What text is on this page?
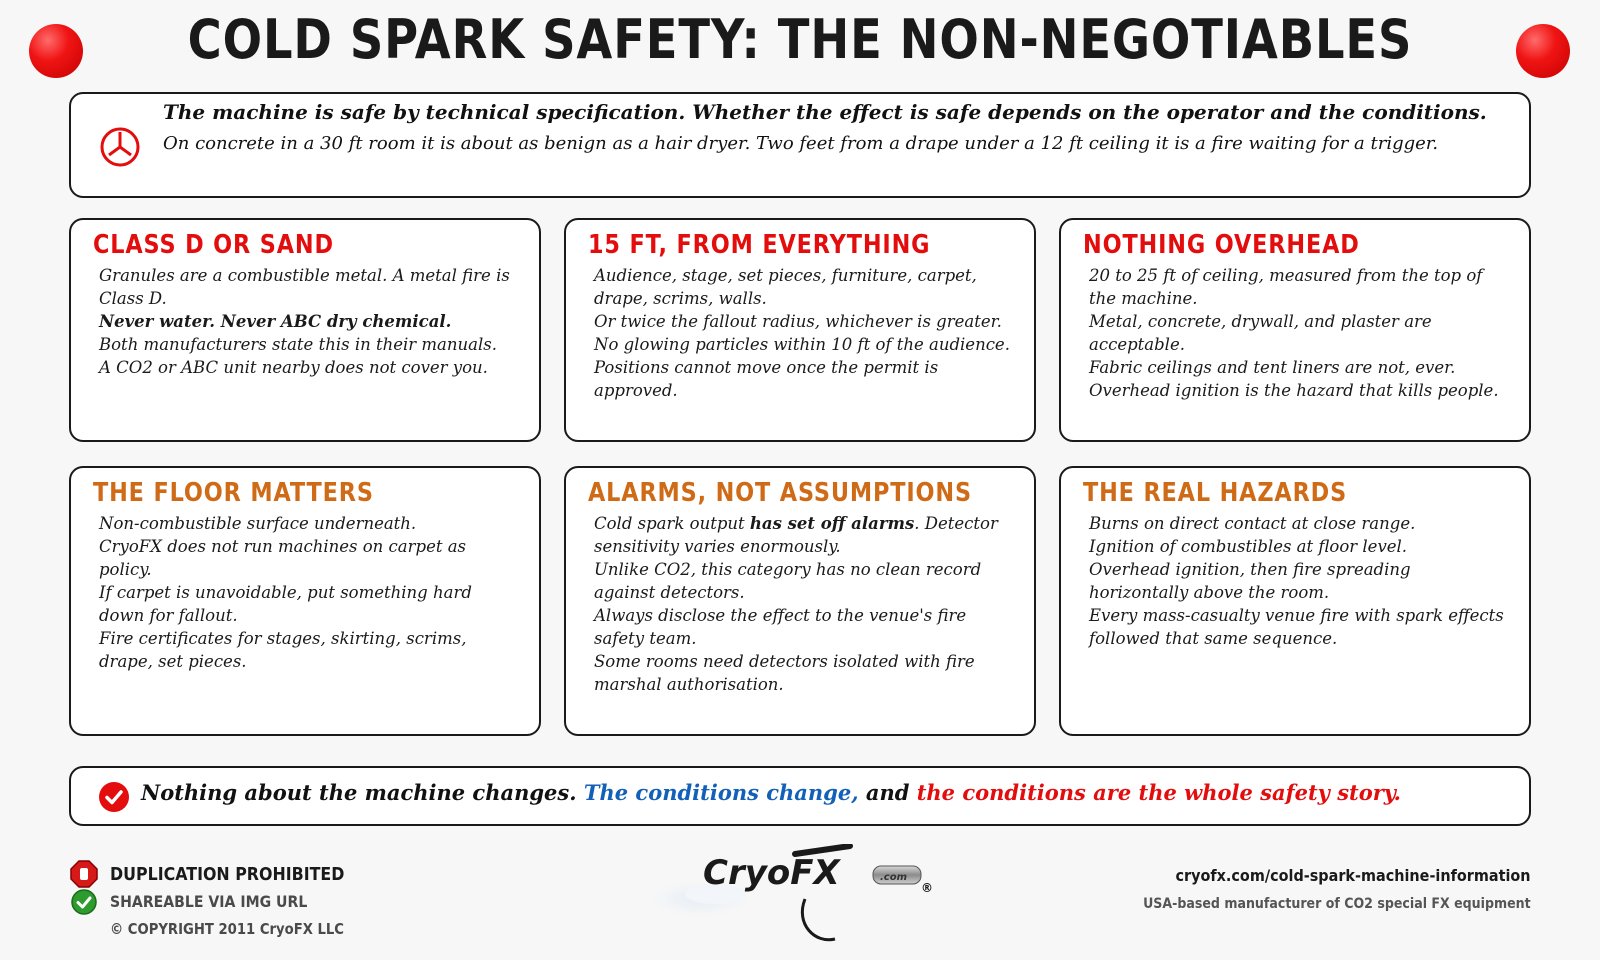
COLD SPARK SAFETY: THE NON-NEGOTIABLES
The machine is safe by technical specification. Whether the effect is safe depends on the operator and the conditions.
On concrete in a 30 ft room it is about as benign as a hair dryer. Two feet from a drape under a 12 ft ceiling it is a fire waiting for a trigger.
CLASS D OR SAND
Granules are a combustible metal. A metal fire is Class D.
Never water. Never ABC dry chemical.
Both manufacturers state this in their manuals.
A CO2 or ABC unit nearby does not cover you.
15 FT, FROM EVERYTHING
Audience, stage, set pieces, furniture, carpet, drape, scrims, walls.
Or twice the fallout radius, whichever is greater.
No glowing particles within 10 ft of the audience.
Positions cannot move once the permit is approved.
NOTHING OVERHEAD
20 to 25 ft of ceiling, measured from the top of the machine.
Metal, concrete, drywall, and plaster are acceptable.
Fabric ceilings and tent liners are not, ever.
Overhead ignition is the hazard that kills people.
THE FLOOR MATTERS
Non-combustible surface underneath.
CryoFX does not run machines on carpet as policy.
If carpet is unavoidable, put something hard down for fallout.
Fire certificates for stages, skirting, scrims, drape, set pieces.
ALARMS, NOT ASSUMPTIONS
Cold spark output has set off alarms. Detector sensitivity varies enormously.
Unlike CO2, this category has no clean record against detectors.
Always disclose the effect to the venue's fire safety team.
Some rooms need detectors isolated with fire marshal authorisation.
THE REAL HAZARDS
Burns on direct contact at close range.
Ignition of combustibles at floor level.
Overhead ignition, then fire spreading horizontally above the room.
Every mass-casualty venue fire with spark effects followed that same sequence.
Nothing about the machine changes. The conditions change, and the conditions are the whole safety story.
DUPLICATION PROHIBITED
SHAREABLE VIA IMG URL
© COPYRIGHT 2011 CryoFX LLC
.com
CryoFX	®
cryofx.com/cold-spark-machine-information
USA-based manufacturer of CO2 special FX equipment
